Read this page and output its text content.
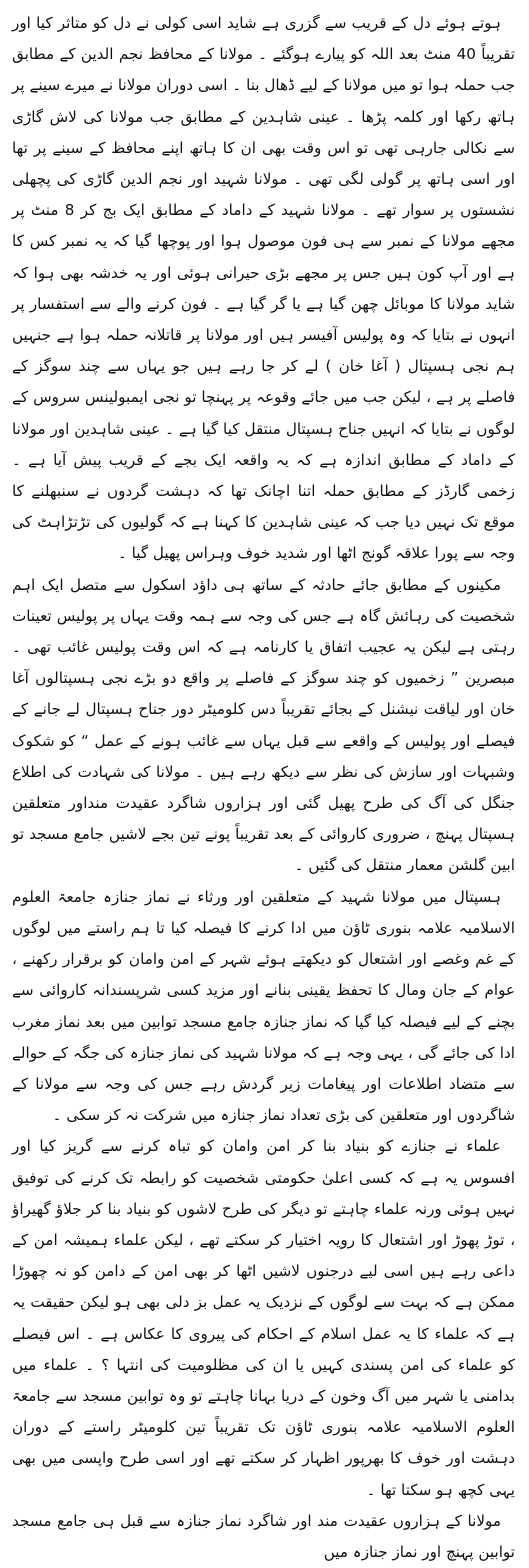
ہوتے ہوئے دل کے قریب سے گزری ہے شاید اسی کولی نے دل کو متاثر کیا اور تقریباً 40 منٹ بعد اللہ کو پیارے ہوگئے ۔ مولانا کے محافظ نجم الدین کے مطابق جب حملہ ہوا تو میں مولانا کے لیے ڈھال بنا ۔ اسی دوران مولانا نے میرے سینے پر ہاتھ رکھا اور کلمہ پڑھا ۔ عینی شاہدین کے مطابق جب مولانا کی لاش گاڑی سے نکالی جارہی تھی تو اس وقت بھی ان کا ہاتھ اپنے محافظ کے سینے پر تھا اور اسی ہاتھ پر گولی لگی تھی ۔ مولانا شہید اور نجم الدین گاڑی کی پچھلی نشستوں پر سوار تھے ۔ مولانا شہید کے داماد کے مطابق ایک بج کر 8 منٹ پر مجھے مولانا کے نمبر سے ہی فون موصول ہوا اور پوچھا گیا کہ یہ نمبر کس کا ہے اور آپ کون ہیں جس پر مجھے بڑی حیرانی ہوئی اور یہ خدشہ بھی ہوا کہ شاید مولانا کا موبائل چھن گیا ہے یا گر گیا ہے ۔ فون کرنے والے سے استفسار پر انہوں نے بتایا کہ وہ پولیس آفیسر ہیں اور مولانا پر قاتلانہ حملہ ہوا ہے جنہیں ہم نجی ہسپتال ( آغا خان ) لے کر جا رہے ہیں جو یہاں سے چند سوگز کے فاصلے پر ہے ، لیکن جب میں جائے وقوعہ پر پہنچا تو نجی ایمبولینس سروس کے لوگوں نے بتایا کہ انہیں جناح ہسپتال منتقل کیا گیا ہے ۔ عینی شاہدین اور مولانا کے داماد کے مطابق اندازہ ہے کہ یہ واقعہ ایک بجے کے قریب پیش آیا ہے ۔ زخمی گارڈز کے مطابق حملہ اتنا اچانک تھا کہ دہشت گردوں نے سنبھلنے کا موقع تک نہیں دیا جب کہ عینی شاہدین کا کہنا ہے کہ گولیوں کی تڑتڑاہٹ کی وجہ سے پورا علاقہ گونج اٹھا اور شدید خوف وہراس پھیل گیا ۔

مکینوں کے مطابق جائے حادثہ کے ساتھ ہی داؤد اسکول سے متصل ایک اہم شخصیت کی رہائش گاہ ہے جس کی وجہ سے ہمہ وقت یہاں پر پولیس تعینات رہتی ہے لیکن یہ عجیب اتفاق یا کارنامہ ہے کہ اس وقت پولیس غائب تھی ۔ مبصرین ” زخمیوں کو چند سوگز کے فاصلے پر واقع دو بڑے نجی ہسپتالوں آغا خان اور لیاقت نیشنل کے بجائے تقریباً دس کلومیٹر دور جناح ہسپتال لے جانے کے فیصلے اور پولیس کے واقعے سے قبل یہاں سے غائب ہونے کے عمل “ کو شکوک وشبہات اور سازش کی نظر سے دیکھ رہے ہیں ۔ مولانا کی شہادت کی اطلاع جنگل کی آگ کی طرح پھیل گئی اور ہزاروں شاگرد عقیدت منداور متعلقین ہسپتال پہنچ ، ضروری کاروائی کے بعد تقریباً پونے تین بجے لاشیں جامع مسجد تو ابین گلشن معمار منتقل کی گئیں ۔

ہسپتال میں مولانا شہید کے متعلقین اور ورثاء نے نماز جنازہ جامعۃ العلوم الاسلامیہ علامہ بنوری ٹاؤن میں ادا کرنے کا فیصلہ کیا تا ہم راستے میں لوگوں کے غم وغصے اور اشتعال کو دیکھتے ہوئے شہر کے امن وامان کو برقرار رکھنے ، عوام کے جان ومال کا تحفظ یقینی بنانے اور مزید کسی شرپسندانہ کاروائی سے بچنے کے لیے فیصلہ کیا گیا کہ نماز جنازہ جامع مسجد توابین میں بعد نماز مغرب ادا کی جائے گی ، یہی وجہ ہے کہ مولانا شہید کی نماز جنازہ کی جگہ کے حوالے سے متضاد اطلاعات اور پیغامات زیر گردش رہے جس کی وجہ سے مولانا کے شاگردوں اور متعلقین کی بڑی تعداد نماز جنازہ میں شرکت نہ کر سکی ۔

علماء نے جنازے کو بنیاد بنا کر امن وامان کو تباہ کرنے سے گریز کیا اور افسوس یہ ہے کہ کسی اعلیٰ حکومتی شخصیت کو رابطہ تک کرنے کی توفیق نہیں ہوئی ورنہ علماء چاہتے تو دیگر کی طرح لاشوں کو بنیاد بنا کر جلاؤ گھیراؤ ، توڑ پھوڑ اور اشتعال کا رویہ اختیار کر سکتے تھے ، لیکن علماء ہمیشہ امن کے داعی رہے ہیں اسی لیے درجنوں لاشیں اٹھا کر بھی امن کے دامن کو نہ چھوڑا ممکن ہے کہ بہت سے لوگوں کے نزدیک یہ عمل بز دلی بھی ہو لیکن حقیقت یہ ہے کہ علماء کا یہ عمل اسلام کے احکام کی پیروی کا عکاس ہے ۔ اس فیصلے کو علماء کی امن پسندی کہیں یا ان کی مظلومیت کی انتہا ؟ ۔ علماء میں بدامنی یا شہر میں آگ وخون کے دریا بہانا چاہتے تو وہ توابین مسجد سے جامعۃ العلوم الاسلامیہ علامہ بنوری ٹاؤن تک تقریباً تین کلومیٹر راستے کے دوران دہشت اور خوف کا بھرپور اظہار کر سکتے تھے اور اسی طرح واپسی میں بھی یہی کچھ ہو سکتا تھا ۔

مولانا کے ہزاروں عقیدت مند اور شاگرد نماز جنازہ سے قبل ہی جامع مسجد توابین پہنچ اور نماز جنازہ میں
